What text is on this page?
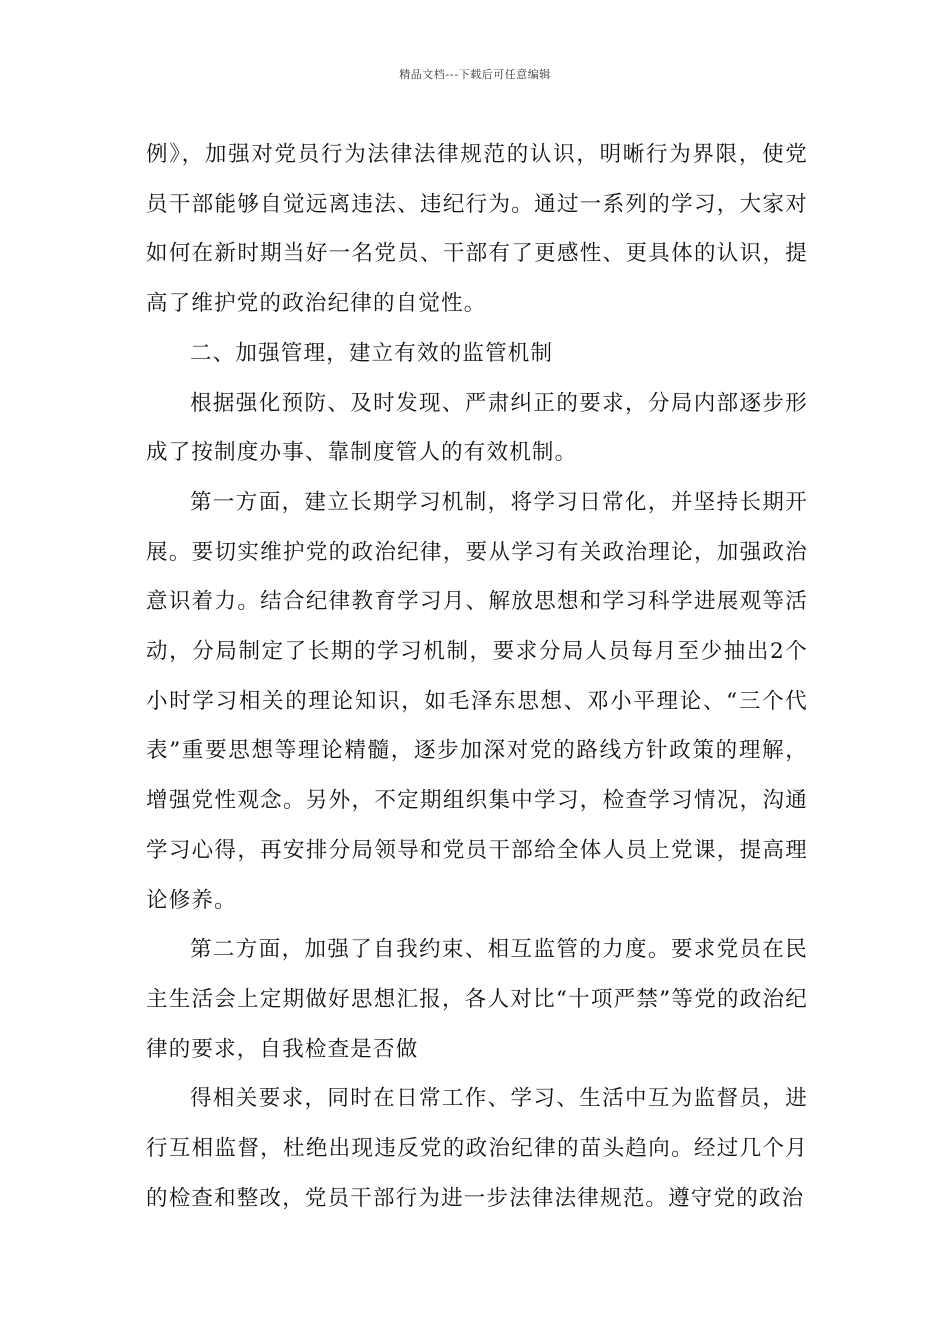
精品文档---下载后可任意编辑

例》，加强对党员行为法律法律规范的认识，明晰行为界限，使党员干部能够自觉远离违法、违纪行为。通过一系列的学习，大家对如何在新时期当好一名党员、干部有了更感性、更具体的认识，提高了维护党的政治纪律的自觉性。

二、加强管理，建立有效的监管机制

根据强化预防、及时发现、严肃纠正的要求，分局内部逐步形成了按制度办事、靠制度管人的有效机制。

第一方面，建立长期学习机制，将学习日常化，并坚持长期开展。要切实维护党的政治纪律，要从学习有关政治理论，加强政治意识着力。结合纪律教育学习月、解放思想和学习科学进展观等活动，分局制定了长期的学习机制，要求分局人员每月至少抽出2个小时学习相关的理论知识，如毛泽东思想、邓小平理论、“三个代表”重要思想等理论精髓，逐步加深对党的路线方针政策的理解，增强党性观念。另外，不定期组织集中学习，检查学习情况，沟通学习心得，再安排分局领导和党员干部给全体人员上党课，提高理论修养。

第二方面，加强了自我约束、相互监管的力度。要求党员在民主生活会上定期做好思想汇报，各人对比“十项严禁”等党的政治纪律的要求，自我检查是否做

得相关要求，同时在日常工作、学习、生活中互为监督员，进行互相监督，杜绝出现违反党的政治纪律的苗头趋向。经过几个月的检查和整改，党员干部行为进一步法律法律规范。遵守党的政治
